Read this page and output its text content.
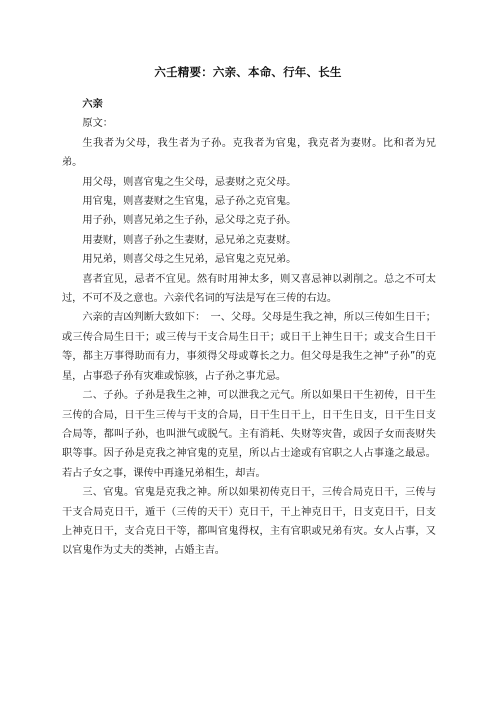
六壬精要：六亲、本命、行年、长生

六亲

原文：

生我者为父母，我生者为子孙。克我者为官鬼，我克者为妻财。比和者为兄弟。

用父母，则喜官鬼之生父母，忌妻财之克父母。

用官鬼，则喜妻财之生官鬼，忌子孙之克官鬼。

用子孙，则喜兄弟之生子孙，忌父母之克子孙。

用妻财，则喜子孙之生妻财，忌兄弟之克妻财。

用兄弟，则喜父母之生兄弟，忌官鬼之克兄弟。

喜者宜见，忌者不宜见。然有时用神太多，则又喜忌神以剥削之。总之不可太过，不可不及之意也。六亲代名词的写法是写在三传的右边。

六亲的吉凶判断大致如下：　一、父母。父母是生我之神，所以三传如生日干；或三传合局生日干；或三传与干支合局生日干；或日干上神生日干；或支合生日干等，都主万事得助而有力，事须得父母或尊长之力。但父母是我生之神“子孙”的克星，占事恐子孙有灾难或惊骇，占子孙之事尤忌。

二、子孙。子孙是我生之神，可以泄我之元气。所以如果日干生初传，日干生三传的合局，日干生三传与干支的合局，日干生日干上，日干生日支，日干生日支合局等，都叫子孙，也叫泄气或脱气。主有消耗、失财等灾眚，或因子女而丧财失职等事。因子孙是克我之神官鬼的克星，所以占士途或有官职之人占事逢之最忌。若占子女之事，课传中再逢兄弟相生，却吉。

三、官鬼。官鬼是克我之神。所以如果初传克日干，三传合局克日干，三传与干支合局克日干，遁干（三传的天干）克日干，干上神克日干，日支克日干，日支上神克日干，支合克日干等，都叫官鬼得权，主有官职或兄弟有灾。女人占事，又以官鬼作为丈夫的类神，占婚主吉。
